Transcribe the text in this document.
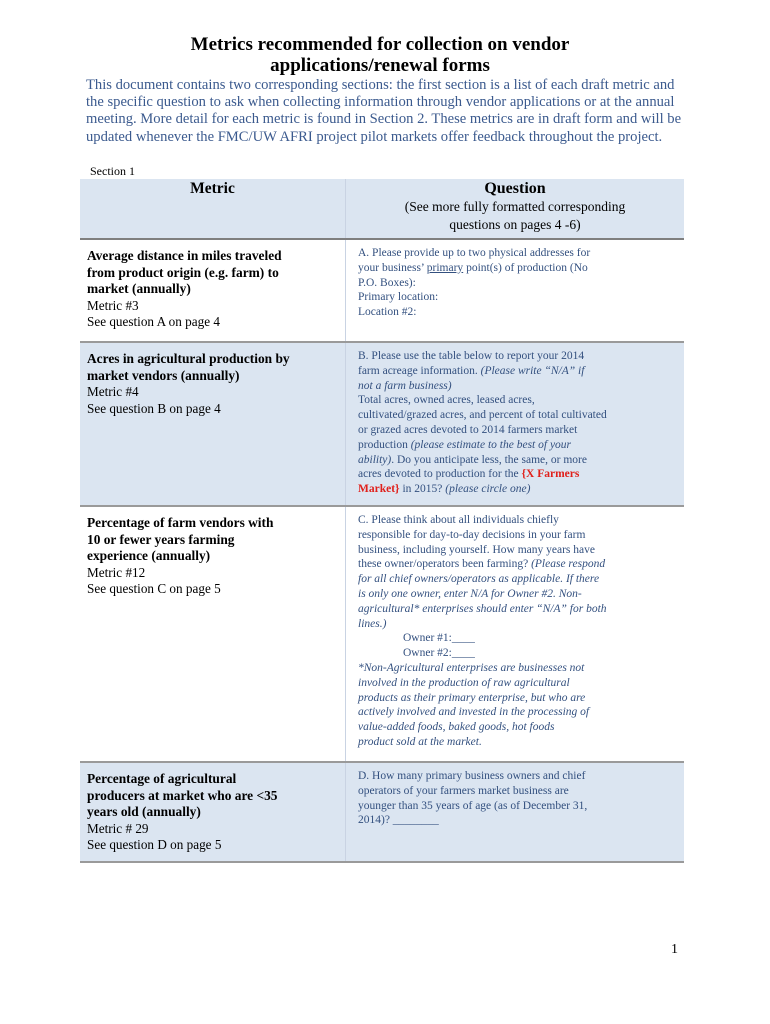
Metrics recommended for collection on vendor
applications/renewal forms
This document contains two corresponding sections: the first section is a list of each draft metric and the specific question to ask when collecting information through vendor applications or at the annual meeting. More detail for each metric is found in Section 2. These metrics are in draft form and will be updated whenever the FMC/UW AFRI project pilot markets offer feedback throughout the project.
Section 1
Metric	Question
(See more fully formatted corresponding
questions on pages 4 -6)
Average distance in miles traveled
from product origin (e.g. farm) to
market (annually)
Metric #3
See question A on page 4
A. Please provide up to two physical addresses for
your business’ primary point(s) of production (No
P.O. Boxes):
Primary location:
Location #2:
Acres in agricultural production by
market vendors (annually)
Metric #4
See question B on page 4
B. Please use the table below to report your 2014
farm acreage information. (Please write “N/A” if
not a farm business)
Total acres, owned acres, leased acres,
cultivated/grazed acres, and percent of total cultivated
or grazed acres devoted to 2014 farmers market
production (please estimate to the best of your
ability). Do you anticipate less, the same, or more
acres devoted to production for the {X Farmers
Market} in 2015? (please circle one)
Percentage of farm vendors with
10 or fewer years farming
experience (annually)
Metric #12
See question C on page 5
C. Please think about all individuals chiefly
responsible for day-to-day decisions in your farm
business, including yourself. How many years have
these owner/operators been farming? (Please respond
for all chief owners/operators as applicable. If there
is only one owner, enter N/A for Owner #2. Non-
agricultural* enterprises should enter “N/A” for both
lines.)
Owner #1:____
Owner #2:____
*Non-Agricultural enterprises are businesses not
involved in the production of raw agricultural
products as their primary enterprise, but who are
actively involved and invested in the processing of
value-added foods, baked goods, hot foods
product sold at the market.
Percentage of agricultural
producers at market who are <35
years old (annually)
Metric # 29
See question D on page 5
D. How many primary business owners and chief
operators of your farmers market business are
younger than 35 years of age (as of December 31,
2014)? ________
1
